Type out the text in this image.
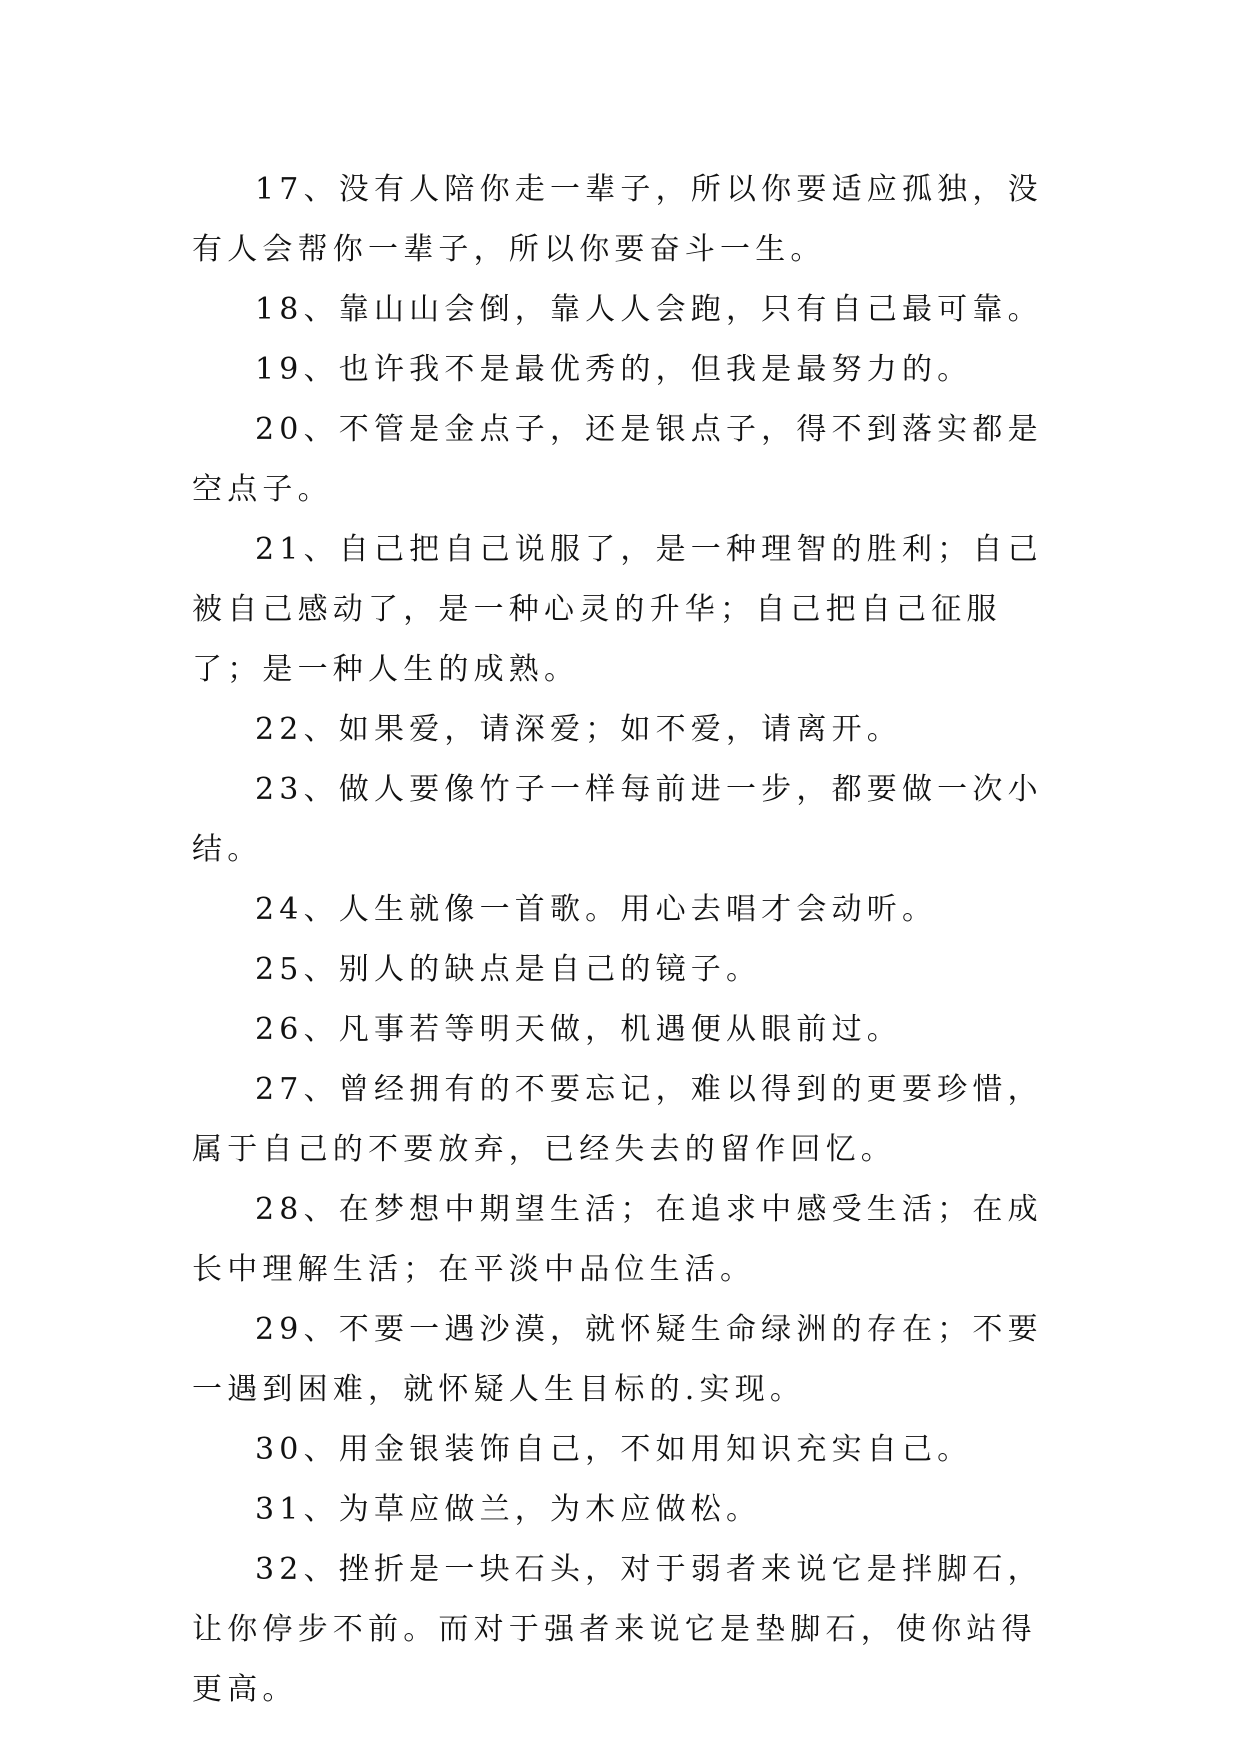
17、没有人陪你走一辈子，所以你要适应孤独，没有人会帮你一辈子，所以你要奋斗一生。

18、靠山山会倒，靠人人会跑，只有自己最可靠。

19、也许我不是最优秀的，但我是最努力的。

20、不管是金点子，还是银点子，得不到落实都是空点子。

21、自己把自己说服了，是一种理智的胜利；自己被自己感动了，是一种心灵的升华；自己把自己征服了；是一种人生的成熟。

22、如果爱，请深爱；如不爱，请离开。

23、做人要像竹子一样每前进一步，都要做一次小结。

24、人生就像一首歌。用心去唱才会动听。

25、别人的缺点是自己的镜子。

26、凡事若等明天做，机遇便从眼前过。

27、曾经拥有的不要忘记，难以得到的更要珍惜，属于自己的不要放弃，已经失去的留作回忆。

28、在梦想中期望生活；在追求中感受生活；在成长中理解生活；在平淡中品位生活。

29、不要一遇沙漠，就怀疑生命绿洲的存在；不要一遇到困难，就怀疑人生目标的.实现。

30、用金银装饰自己，不如用知识充实自己。

31、为草应做兰，为木应做松。

32、挫折是一块石头，对于弱者来说它是拌脚石，让你停步不前。而对于强者来说它是垫脚石，使你站得更高。
